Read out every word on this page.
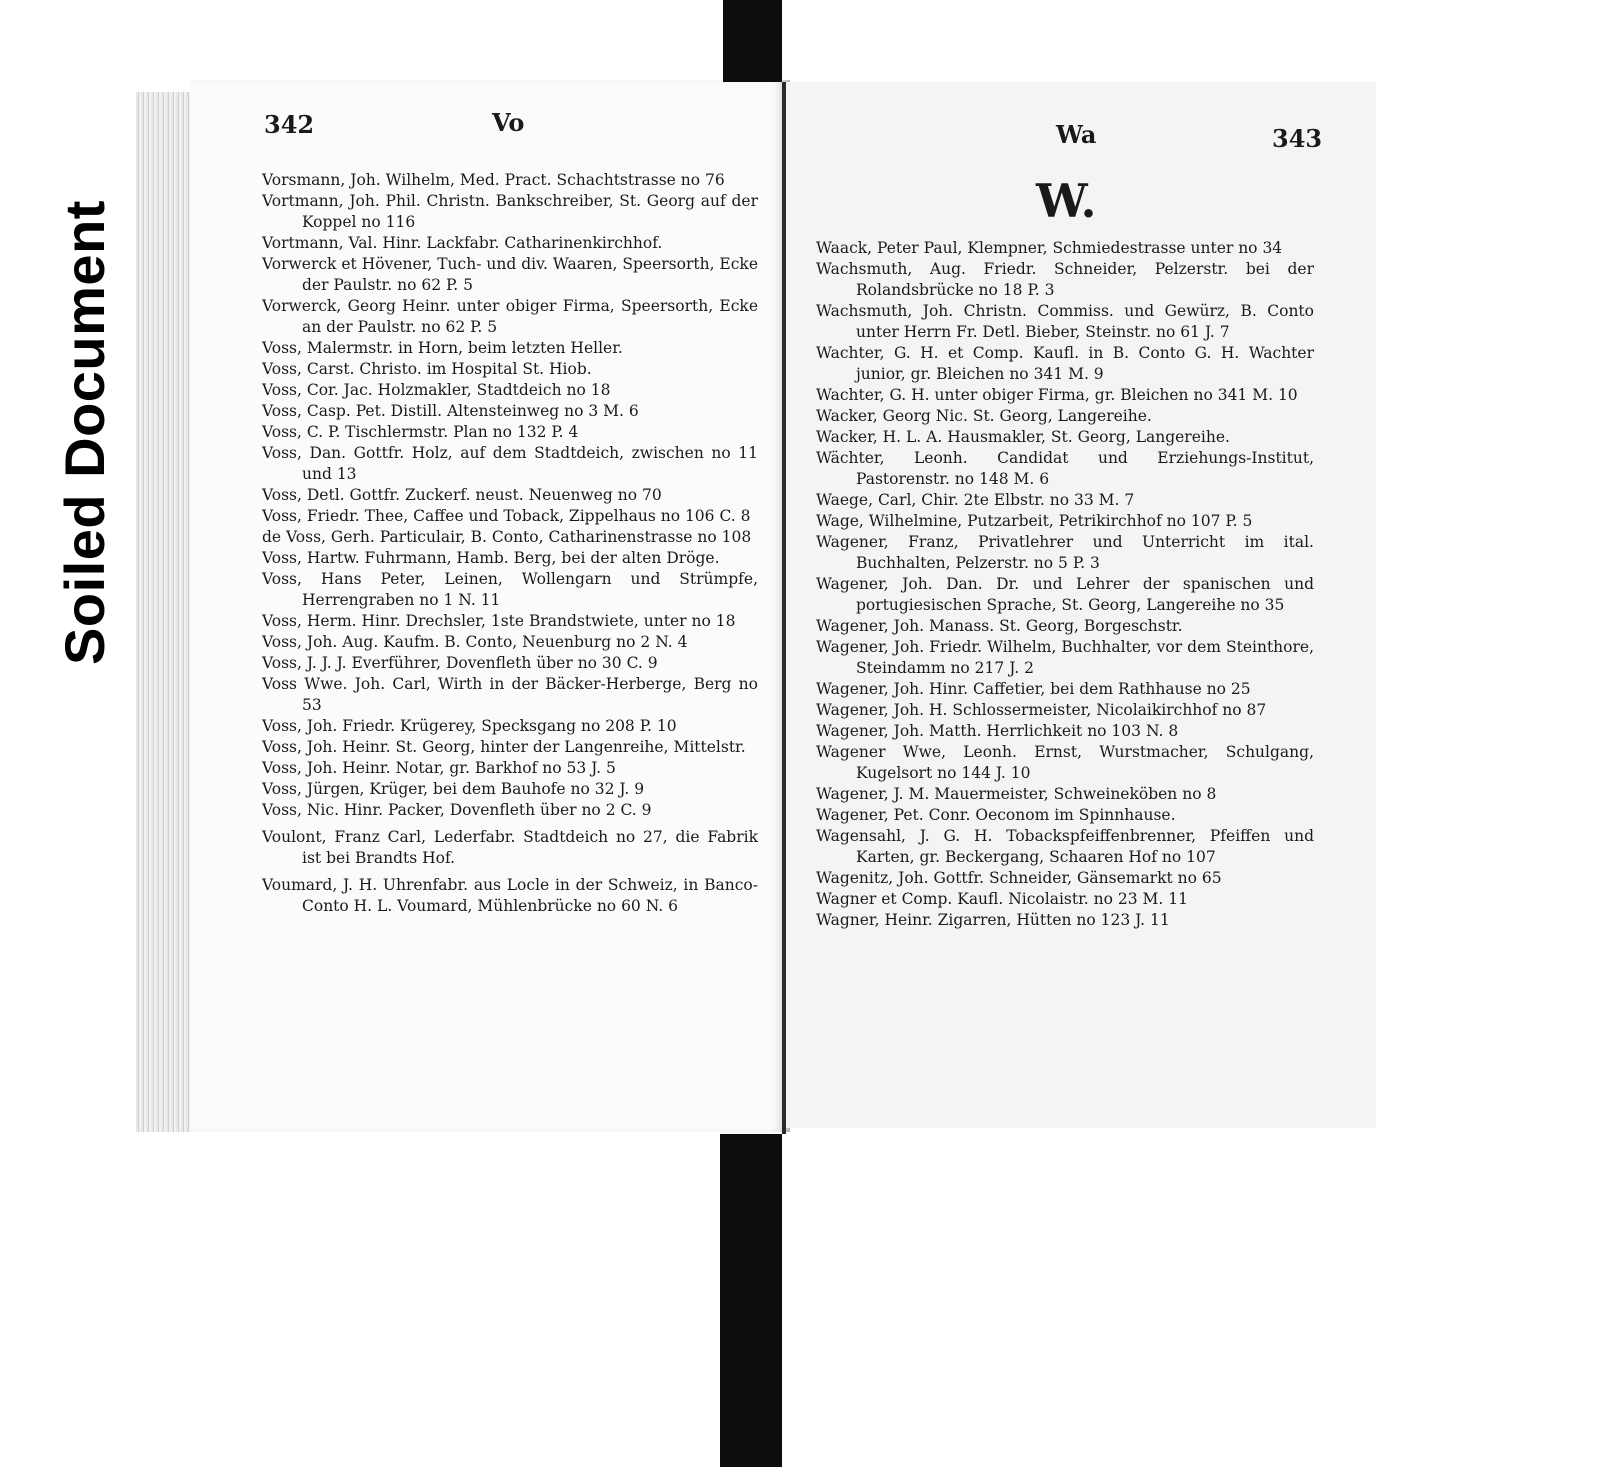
Soiled Document
342	Vo	Wa	343
W.

Vorsmann, Joh. Wilhelm, Med. Pract. Schachtstrasse no 76

Vortmann, Joh. Phil. Christn. Bankschreiber, St. Georg auf der Koppel no 116

Vortmann, Val. Hinr. Lackfabr. Catharinenkirchhof.

Vorwerck et Hövener, Tuch- und div. Waaren, Speersorth, Ecke der Paulstr. no 62 P. 5

Vorwerck, Georg Heinr. unter obiger Firma, Speersorth, Ecke an der Paulstr. no 62 P. 5

Voss, Malermstr. in Horn, beim letzten Heller.

Voss, Carst. Christo. im Hospital St. Hiob.

Voss, Cor. Jac. Holzmakler, Stadtdeich no 18

Voss, Casp. Pet. Distill. Altensteinweg no 3 M. 6

Voss, C. P. Tischlermstr. Plan no 132 P. 4

Voss, Dan. Gottfr. Holz, auf dem Stadtdeich, zwischen no 11 und 13

Voss, Detl. Gottfr. Zuckerf. neust. Neuenweg no 70

Voss, Friedr. Thee, Caffee und Toback, Zippelhaus no 106 C. 8

de Voss, Gerh. Particulair, B. Conto, Catharinenstrasse no 108

Voss, Hartw. Fuhrmann, Hamb. Berg, bei der alten Dröge.

Voss, Hans Peter, Leinen, Wollengarn und Strümpfe, Herrengraben no 1 N. 11

Voss, Herm. Hinr. Drechsler, 1ste Brandstwiete, unter no 18

Voss, Joh. Aug. Kaufm. B. Conto, Neuenburg no 2 N. 4

Voss, J. J. J. Everführer, Dovenfleth über no 30 C. 9

Voss Wwe. Joh. Carl, Wirth in der Bäcker-Herberge, Berg no 53

Voss, Joh. Friedr. Krügerey, Specksgang no 208 P. 10

Voss, Joh. Heinr. St. Georg, hinter der Langenreihe, Mittelstr.

Voss, Joh. Heinr. Notar, gr. Barkhof no 53 J. 5

Voss, Jürgen, Krüger, bei dem Bauhofe no 32 J. 9

Voss, Nic. Hinr. Packer, Dovenfleth über no 2 C. 9

Voulont, Franz Carl, Lederfabr. Stadtdeich no 27, die Fabrik ist bei Brandts Hof.

Voumard, J. H. Uhrenfabr. aus Locle in der Schweiz, in Banco-Conto H. L. Voumard, Mühlenbrücke no 60 N. 6

Waack, Peter Paul, Klempner, Schmiedestrasse unter no 34

Wachsmuth, Aug. Friedr. Schneider, Pelzerstr. bei der Rolandsbrücke no 18 P. 3

Wachsmuth, Joh. Christn. Commiss. und Gewürz, B. Conto unter Herrn Fr. Detl. Bieber, Steinstr. no 61 J. 7

Wachter, G. H. et Comp. Kaufl. in B. Conto G. H. Wachter junior, gr. Bleichen no 341 M. 9

Wachter, G. H. unter obiger Firma, gr. Bleichen no 341 M. 10

Wacker, Georg Nic. St. Georg, Langereihe.

Wacker, H. L. A. Hausmakler, St. Georg, Langereihe.

Wächter, Leonh. Candidat und Erziehungs-Institut, Pastorenstr. no 148 M. 6

Waege, Carl, Chir. 2te Elbstr. no 33 M. 7

Wage, Wilhelmine, Putzarbeit, Petrikirchhof no 107 P. 5

Wagener, Franz, Privatlehrer und Unterricht im ital. Buchhalten, Pelzerstr. no 5 P. 3

Wagener, Joh. Dan. Dr. und Lehrer der spanischen und portugiesischen Sprache, St. Georg, Langereihe no 35

Wagener, Joh. Manass. St. Georg, Borgeschstr.

Wagener, Joh. Friedr. Wilhelm, Buchhalter, vor dem Steinthore, Steindamm no 217 J. 2

Wagener, Joh. Hinr. Caffetier, bei dem Rathhause no 25

Wagener, Joh. H. Schlossermeister, Nicolaikirchhof no 87

Wagener, Joh. Matth. Herrlichkeit no 103 N. 8

Wagener Wwe, Leonh. Ernst, Wurstmacher, Schulgang, Kugelsort no 144 J. 10

Wagener, J. M. Mauermeister, Schweineköben no 8

Wagener, Pet. Conr. Oeconom im Spinnhause.

Wagensahl, J. G. H. Tobackspfeiffenbrenner, Pfeiffen und Karten, gr. Beckergang, Schaaren Hof no 107

Wagenitz, Joh. Gottfr. Schneider, Gänsemarkt no 65

Wagner et Comp. Kaufl. Nicolaistr. no 23 M. 11

Wagner, Heinr. Zigarren, Hütten no 123 J. 11
